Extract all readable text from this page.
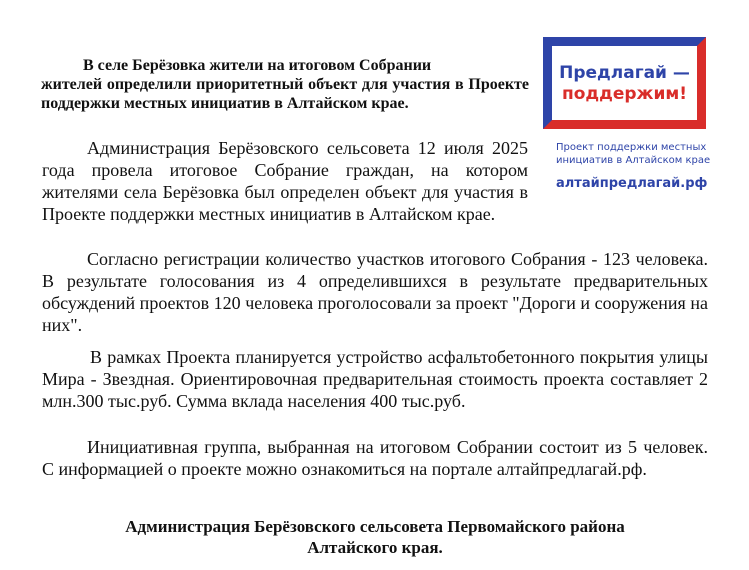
В селе Берёзовка жители на итоговом Собрании
жителей определили приоритетный объект для участия в Проекте поддержки местных инициатив в Алтайском крае.
Предлагай —
поддержим!
Проект поддержки местных инициатив в Алтайском крае
алтайпредлагай.рф
Администрация Берёзовского сельсовета 12 июля 2025 года провела итоговое Собрание граждан, на котором жителями села Берёзовка был определен объект для участия в Проекте поддержки местных инициатив в Алтайском крае.
Согласно регистрации количество участков итогового Собрания - 123 человека. В результате голосования из 4 определившихся в результате предварительных обсуждений проектов 120 человека проголосовали за проект "Дороги и сооружения на них".
В рамках Проекта планируется устройство асфальтобетонного покрытия улицы Мира - Звездная. Ориентировочная предварительная стоимость проекта составляет 2 млн.300 тыс.руб. Сумма вклада населения 400 тыс.руб.
Инициативная группа, выбранная на итоговом Собрании состоит из 5 человек. С информацией о проекте можно ознакомиться на портале алтайпредлагай.рф.
Администрация Берёзовского сельсовета Первомайского района
Алтайского края.
